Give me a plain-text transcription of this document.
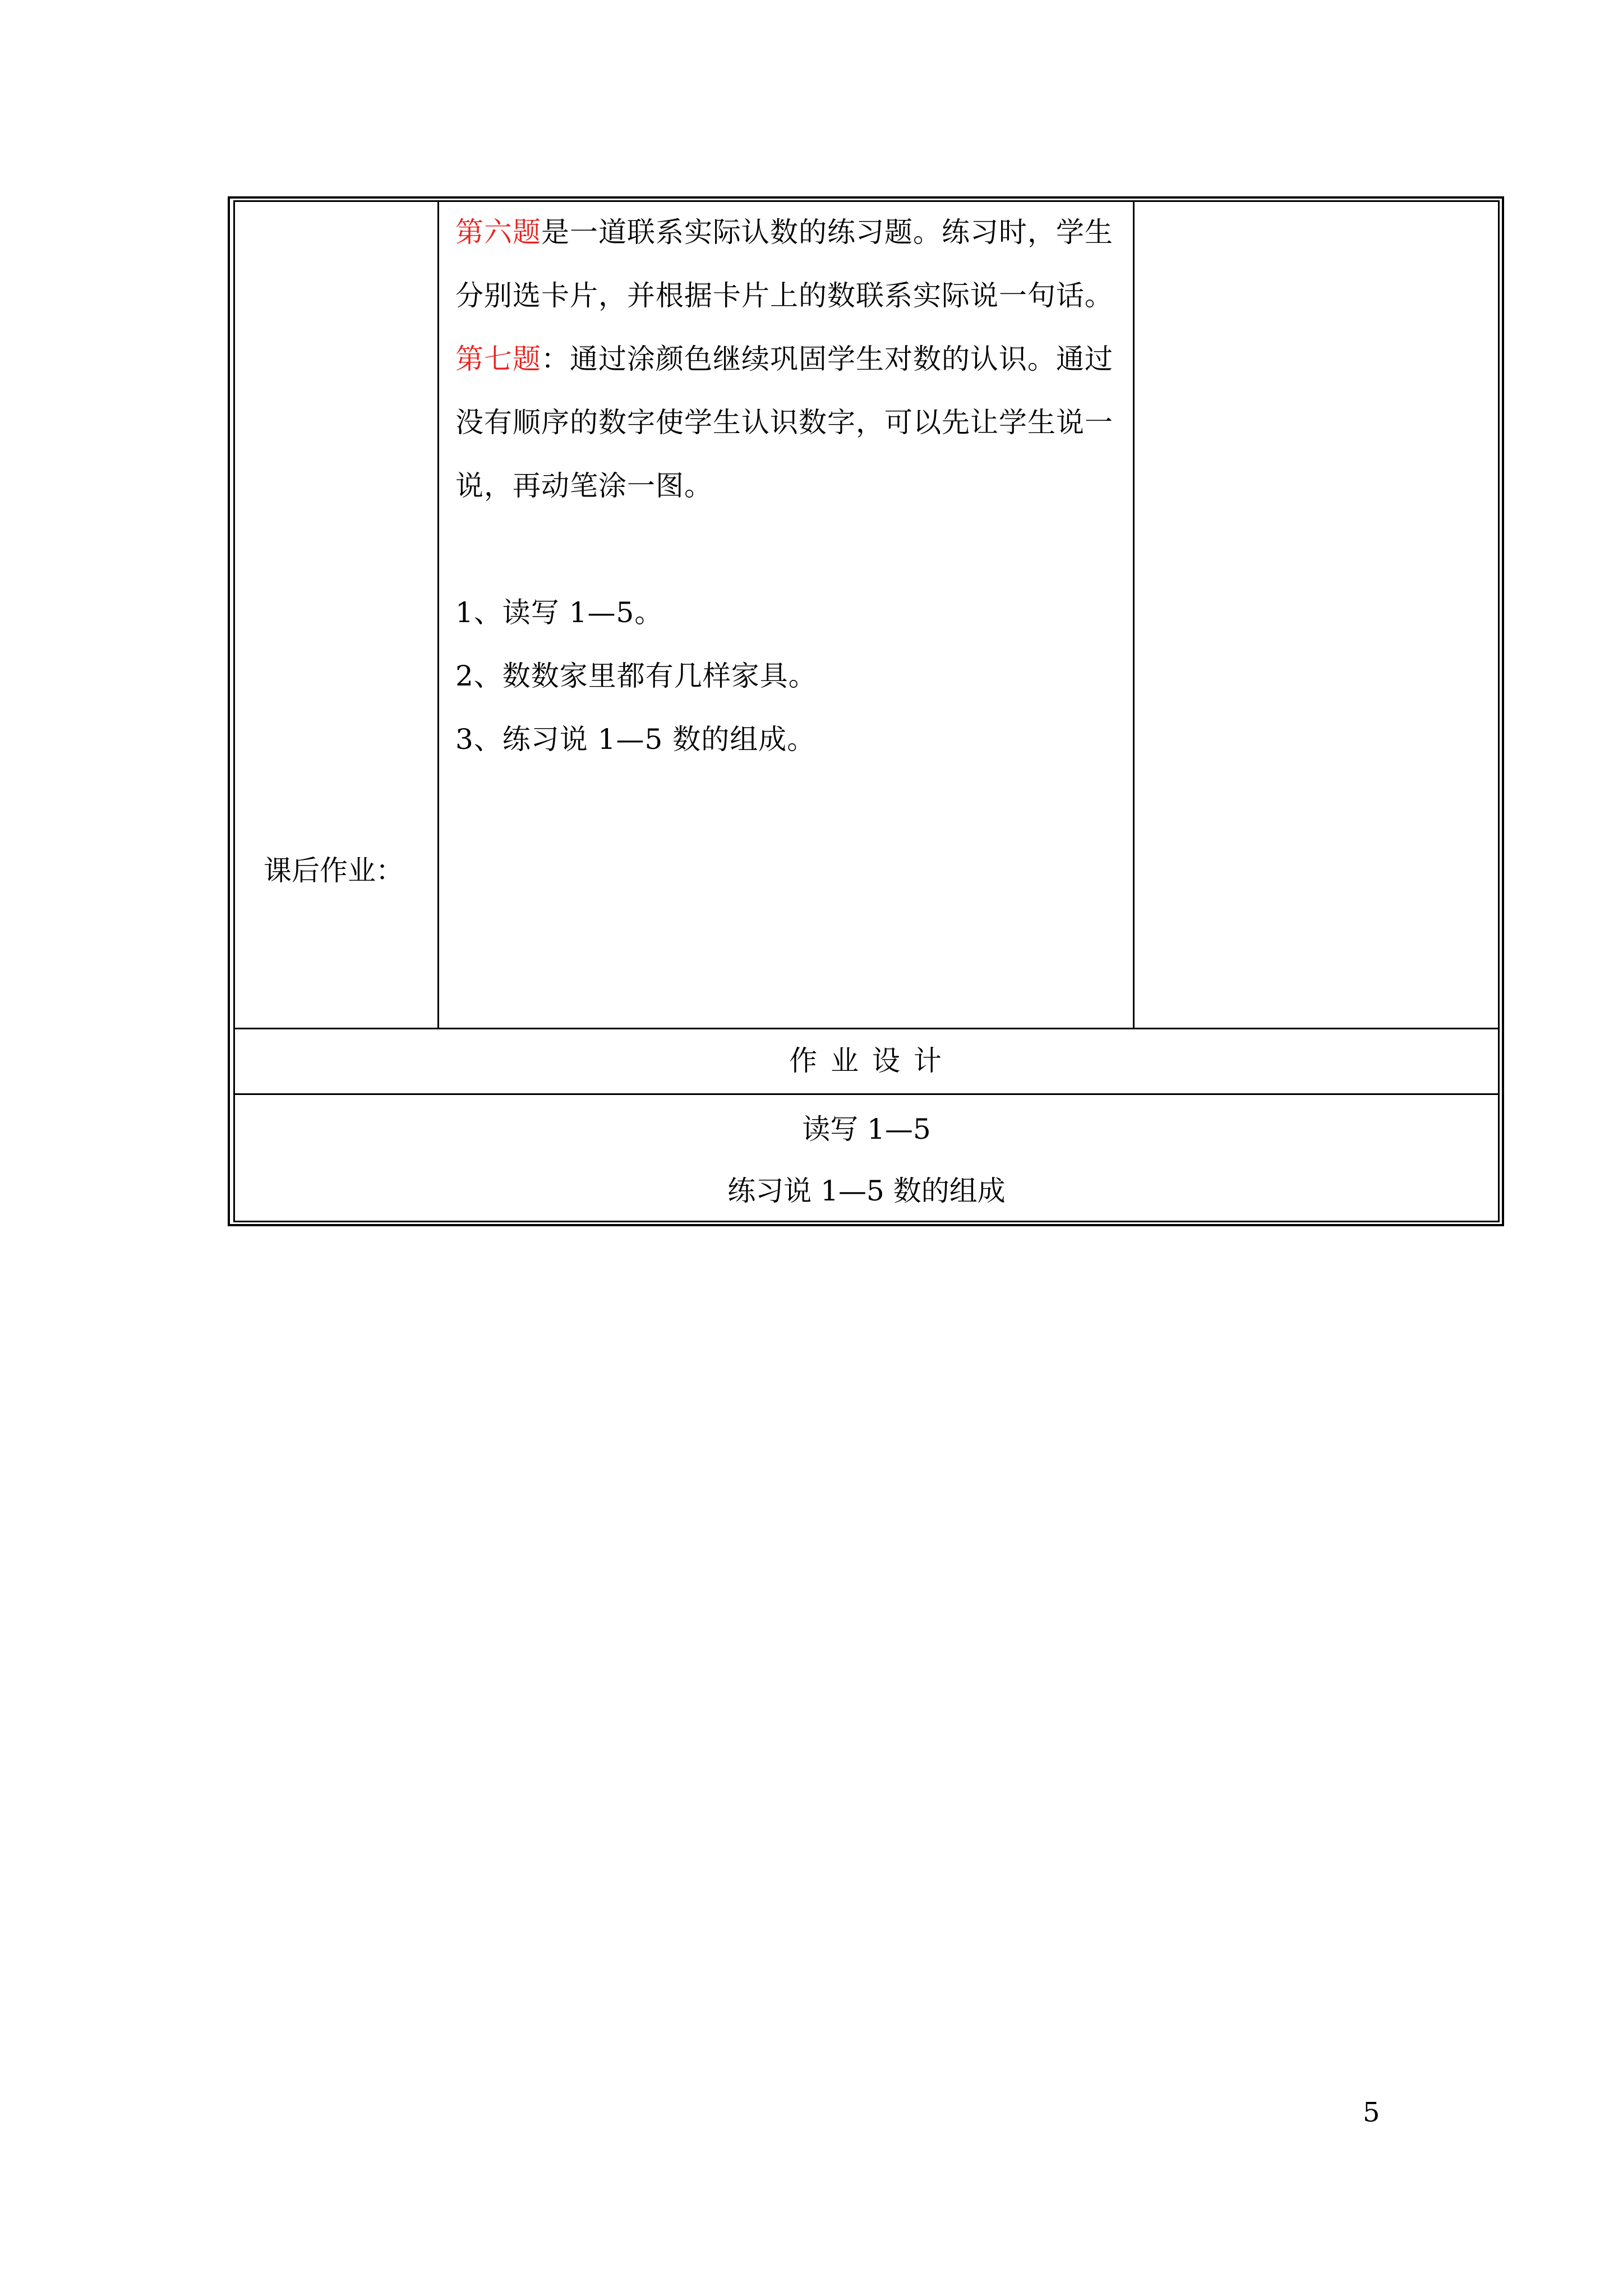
课后作业：
第六题是一道联系实际认数的练习题。练习时，学生
分别选卡片，并根据卡片上的数联系实际说一句话。
第七题：通过涂颜色继续巩固学生对数的认识。通过
没有顺序的数字使学生认识数字，可以先让学生说一
说，再动笔涂一图。
1、读写 1—5。
2、数数家里都有几样家具。
3、练习说 1—5 数的组成。
作 业 设 计
读写 1—5
练习说 1—5 数的组成
5
